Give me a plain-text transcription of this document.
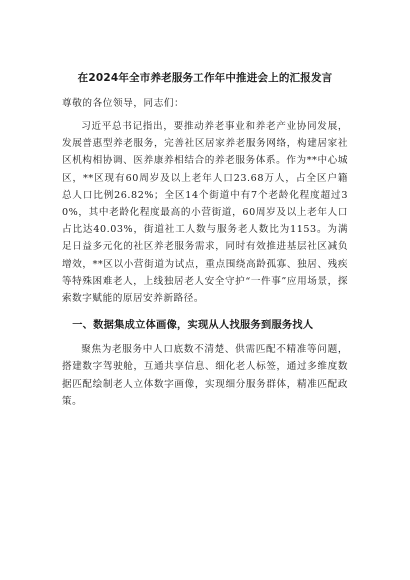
在2024年全市养老服务工作年中推进会上的汇报发言

尊敬的各位领导，同志们：

习近平总书记指出，要推动养老事业和养老产业协同发展，发展普惠型养老服务，完善社区居家养老服务网络，构建居家社区机构相协调、医养康养相结合的养老服务体系。作为**中心城区，**区现有60周岁及以上老年人口23.68万人，占全区户籍总人口比例26.82%；全区14个街道中有7个老龄化程度超过30%，其中老龄化程度最高的小营街道，60周岁及以上老年人口占比达40.03%，街道社工人数与服务老人数比为1153。为满足日益多元化的社区养老服务需求，同时有效推进基层社区减负增效，**区以小营街道为试点，重点围绕高龄孤寡、独居、残疾等特殊困难老人，上线独居老人安全守护“一件事”应用场景，探索数字赋能的原居安养新路径。

一、数据集成立体画像，实现从人找服务到服务找人

聚焦为老服务中人口底数不清楚、供需匹配不精准等问题，搭建数字驾驶舱，互通共享信息、细化老人标签，通过多维度数据匹配绘制老人立体数字画像，实现细分服务群体，精准匹配政策。
